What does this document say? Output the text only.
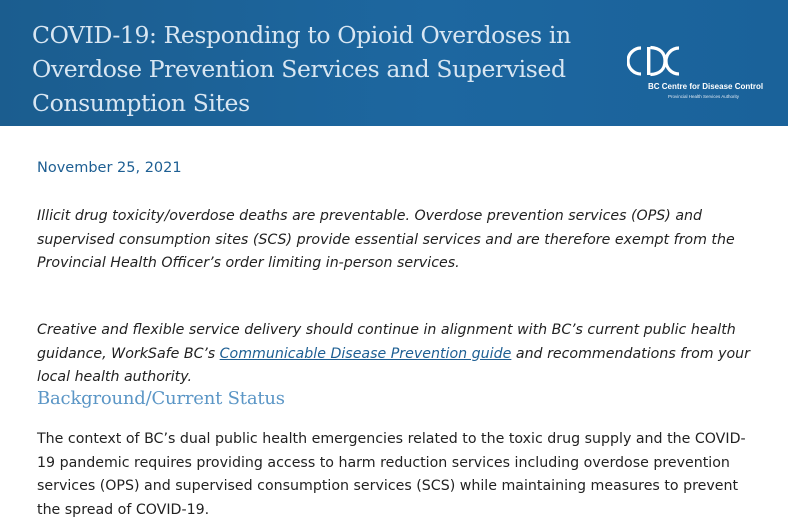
COVID-19: Responding to Opioid Overdoses in Overdose Prevention Services and Supervised Consumption Sites
BC Centre for Disease Control
Provincial Health Services Authority
November 25, 2021

Illicit drug toxicity/overdose deaths are preventable. Overdose prevention services (OPS) and supervised consumption sites (SCS) provide essential services and are therefore exempt from the Provincial Health Officer’s order limiting in-person services.

Creative and flexible service delivery should continue in alignment with BC’s current public health guidance, WorkSafe BC’s Communicable Disease Prevention guide and recommendations from your local health authority.

Background/Current Status

The context of BC’s dual public health emergencies related to the toxic drug supply and the COVID-19 pandemic requires providing access to harm reduction services including overdose prevention services (OPS) and supervised consumption services (SCS) while maintaining measures to prevent the spread of COVID-19.
